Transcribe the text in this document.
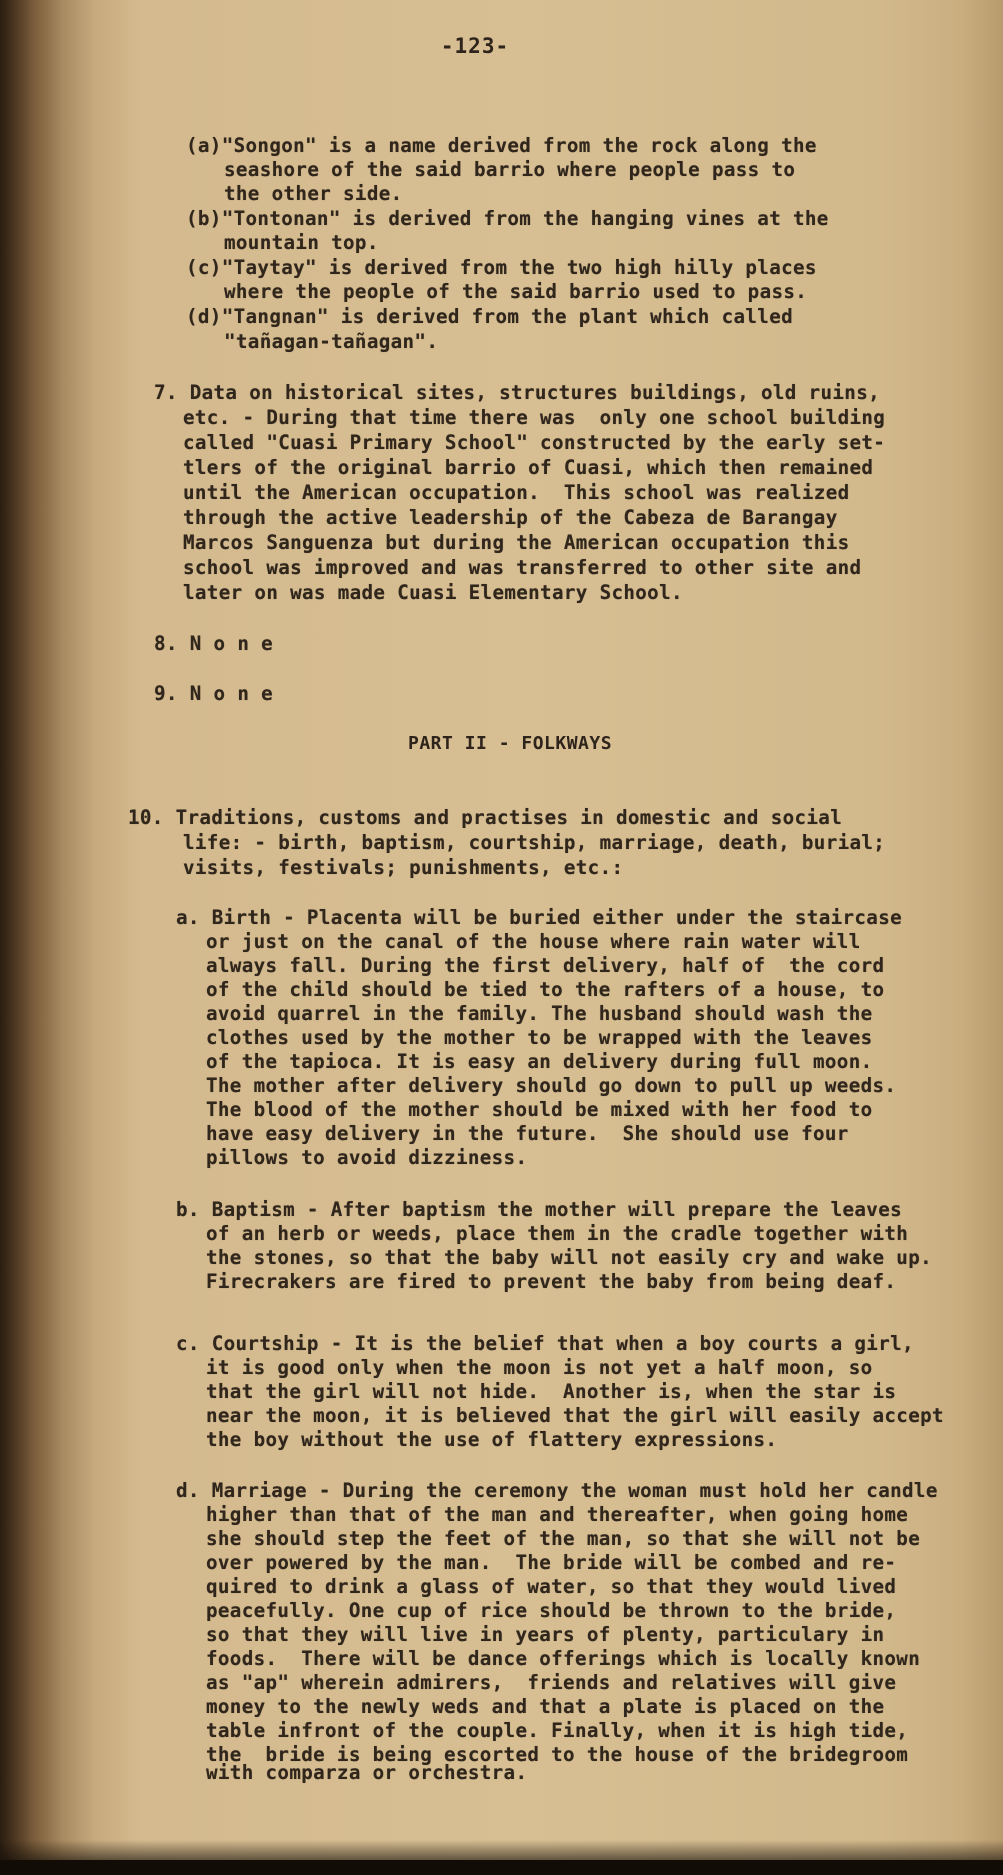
-123-
(a)"Songon" is a name derived from the rock along the
seashore of the said barrio where people pass to
the other side.
(b)"Tontonan" is derived from the hanging vines at the
mountain top.
(c)"Taytay" is derived from the two high hilly places
where the people of the said barrio used to pass.
(d)"Tangnan" is derived from the plant which called
"tañagan-tañagan".
7. Data on historical sites, structures buildings, old ruins,
etc. - During that time there was  only one school building
called "Cuasi Primary School" constructed by the early set-
tlers of the original barrio of Cuasi, which then remained
until the American occupation.  This school was realized
through the active leadership of the Cabeza de Barangay
Marcos Sanguenza but during the American occupation this
school was improved and was transferred to other site and
later on was made Cuasi Elementary School.
8. N o n e
9. N o n e
PART II - FOLKWAYS
10. Traditions, customs and practises in domestic and social
life: - birth, baptism, courtship, marriage, death, burial;
visits, festivals; punishments, etc.:
a. Birth - Placenta will be buried either under the staircase
or just on the canal of the house where rain water will
always fall. During the first delivery, half of  the cord
of the child should be tied to the rafters of a house, to
avoid quarrel in the family. The husband should wash the
clothes used by the mother to be wrapped with the leaves
of the tapioca. It is easy an delivery during full moon.
The mother after delivery should go down to pull up weeds.
The blood of the mother should be mixed with her food to
have easy delivery in the future.  She should use four
pillows to avoid dizziness.
b. Baptism - After baptism the mother will prepare the leaves
of an herb or weeds, place them in the cradle together with
the stones, so that the baby will not easily cry and wake up.
Firecrakers are fired to prevent the baby from being deaf.
c. Courtship - It is the belief that when a boy courts a girl,
it is good only when the moon is not yet a half moon, so
that the girl will not hide.  Another is, when the star is
near the moon, it is believed that the girl will easily accept
the boy without the use of flattery expressions.
d. Marriage - During the ceremony the woman must hold her candle
higher than that of the man and thereafter, when going home
she should step the feet of the man, so that she will not be
over powered by the man.  The bride will be combed and re-
quired to drink a glass of water, so that they would lived
peacefully. One cup of rice should be thrown to the bride,
so that they will live in years of plenty, particulary in
foods.  There will be dance offerings which is locally known
as "ap" wherein admirers,  friends and relatives will give
money to the newly weds and that a plate is placed on the
table infront of the couple. Finally, when it is high tide,
the  bride is being escorted to the house of the bridegroom
with comparza or orchestra.
